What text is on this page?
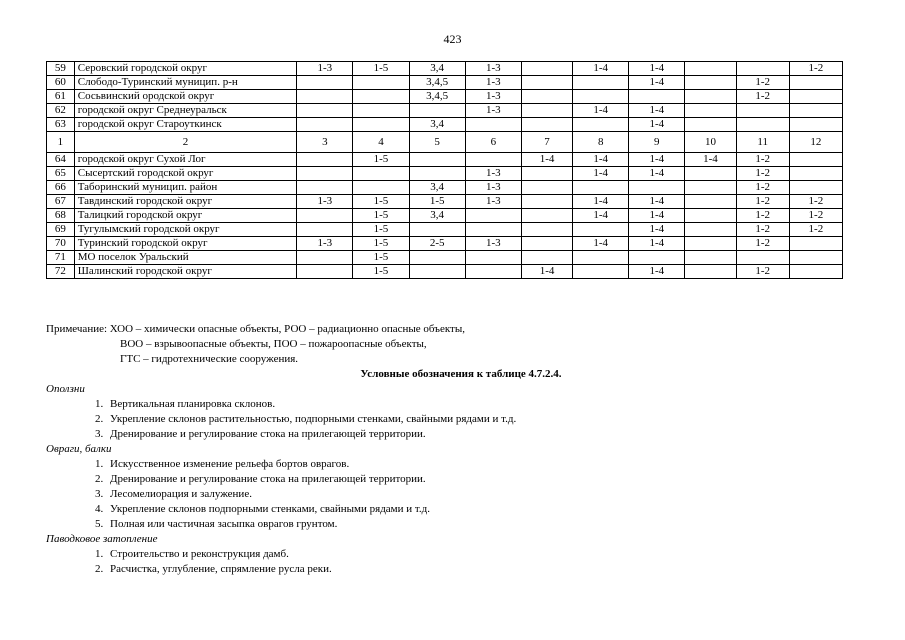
423
59	Серовский городской округ	1-3	1-5	3,4	1-3		1-4	1-4			1-2
60	Слободо-Туринский муницип. р-н			3,4,5	1-3			1-4		1-2	
61	Сосьвинский ородской округ			3,4,5	1-3					1-2	
62	городской округ Среднеуральск				1-3		1-4	1-4			
63	городской округ Староуткинск			3,4				1-4			
1	2	3	4	5	6	7	8	9	10	11	12
64	городской округ Сухой Лог		1-5			1-4	1-4	1-4	1-4	1-2	
65	Сысертский городской округ				1-3		1-4	1-4		1-2	
66	Таборинский муницип. район			3,4	1-3					1-2	
67	Тавдинский городской округ	1-3	1-5	1-5	1-3		1-4	1-4		1-2	1-2
68	Талицкий городской округ		1-5	3,4			1-4	1-4		1-2	1-2
69	Тугулымский городской округ		1-5					1-4		1-2	1-2
70	Туринский городской округ	1-3	1-5	2-5	1-3		1-4	1-4		1-2	
71	МО поселок Уральский		1-5								
72	Шалинский городской округ		1-5			1-4		1-4		1-2	
Примечание: ХОО – химически опасные объекты, РОО – радиационно опасные объекты,
ВОО – взрывоопасные объекты, ПОО – пожароопасные объекты,
ГТС – гидротехнические сооружения.
Условные обозначения к таблице 4.7.2.4.
Оползни
1. Вертикальная планировка склонов.
2. Укрепление склонов растительностью, подпорными стенками, свайными рядами и т.д.
3. Дренирование и регулирование стока на прилегающей территории.
Овраги, балки
1. Искусственное изменение рельефа бортов оврагов.
2. Дренирование и регулирование стока на прилегающей территории.
3. Лесомелиорация и залужение.
4. Укрепление склонов подпорными стенками, свайными рядами и т.д.
5. Полная или частичная засыпка оврагов грунтом.
Паводковое затопление
1. Строительство и реконструкция дамб.
2. Расчистка, углубление, спрямление русла реки.
